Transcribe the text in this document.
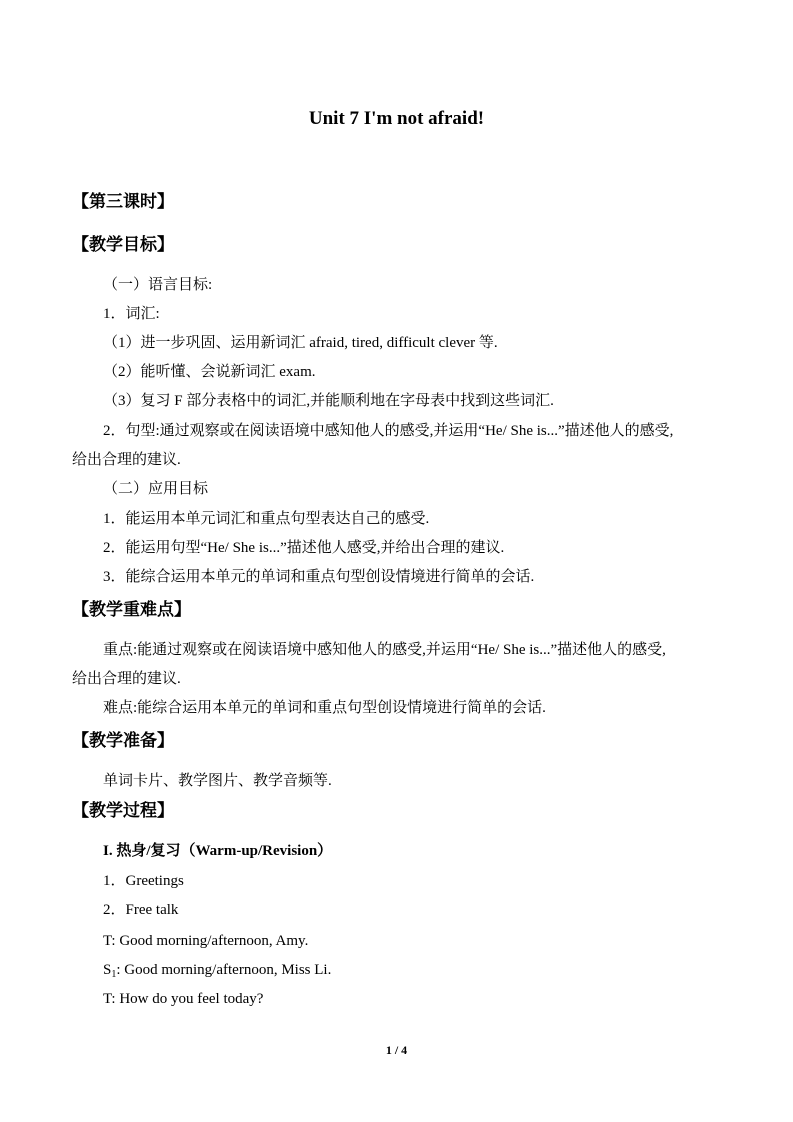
Unit 7 I'm not afraid!
【第三课时】
【教学目标】
（一）语言目标:
1．词汇:
（1）进一步巩固、运用新词汇 afraid, tired, difficult clever 等.
（2）能听懂、会说新词汇 exam.
（3）复习 F 部分表格中的词汇,并能顺利地在字母表中找到这些词汇.
2．句型:通过观察或在阅读语境中感知他人的感受,并运用“He/ She is...”描述他人的感受,
给出合理的建议.
（二）应用目标
1．能运用本单元词汇和重点句型表达自己的感受.
2．能运用句型“He/ She is...”描述他人感受,并给出合理的建议.
3．能综合运用本单元的单词和重点句型创设情境进行简单的会话.
【教学重难点】
重点:能通过观察或在阅读语境中感知他人的感受,并运用“He/ She is...”描述他人的感受,
给出合理的建议.
难点:能综合运用本单元的单词和重点句型创设情境进行简单的会话.
【教学准备】
单词卡片、教学图片、教学音频等.
【教学过程】
I. 热身/复习（Warm-up/Revision）
1．Greetings
2．Free talk
T: Good morning/afternoon, Amy.
$S_1$: Good morning/afternoon, Miss Li.
T: How do you feel today?
1 / 4
